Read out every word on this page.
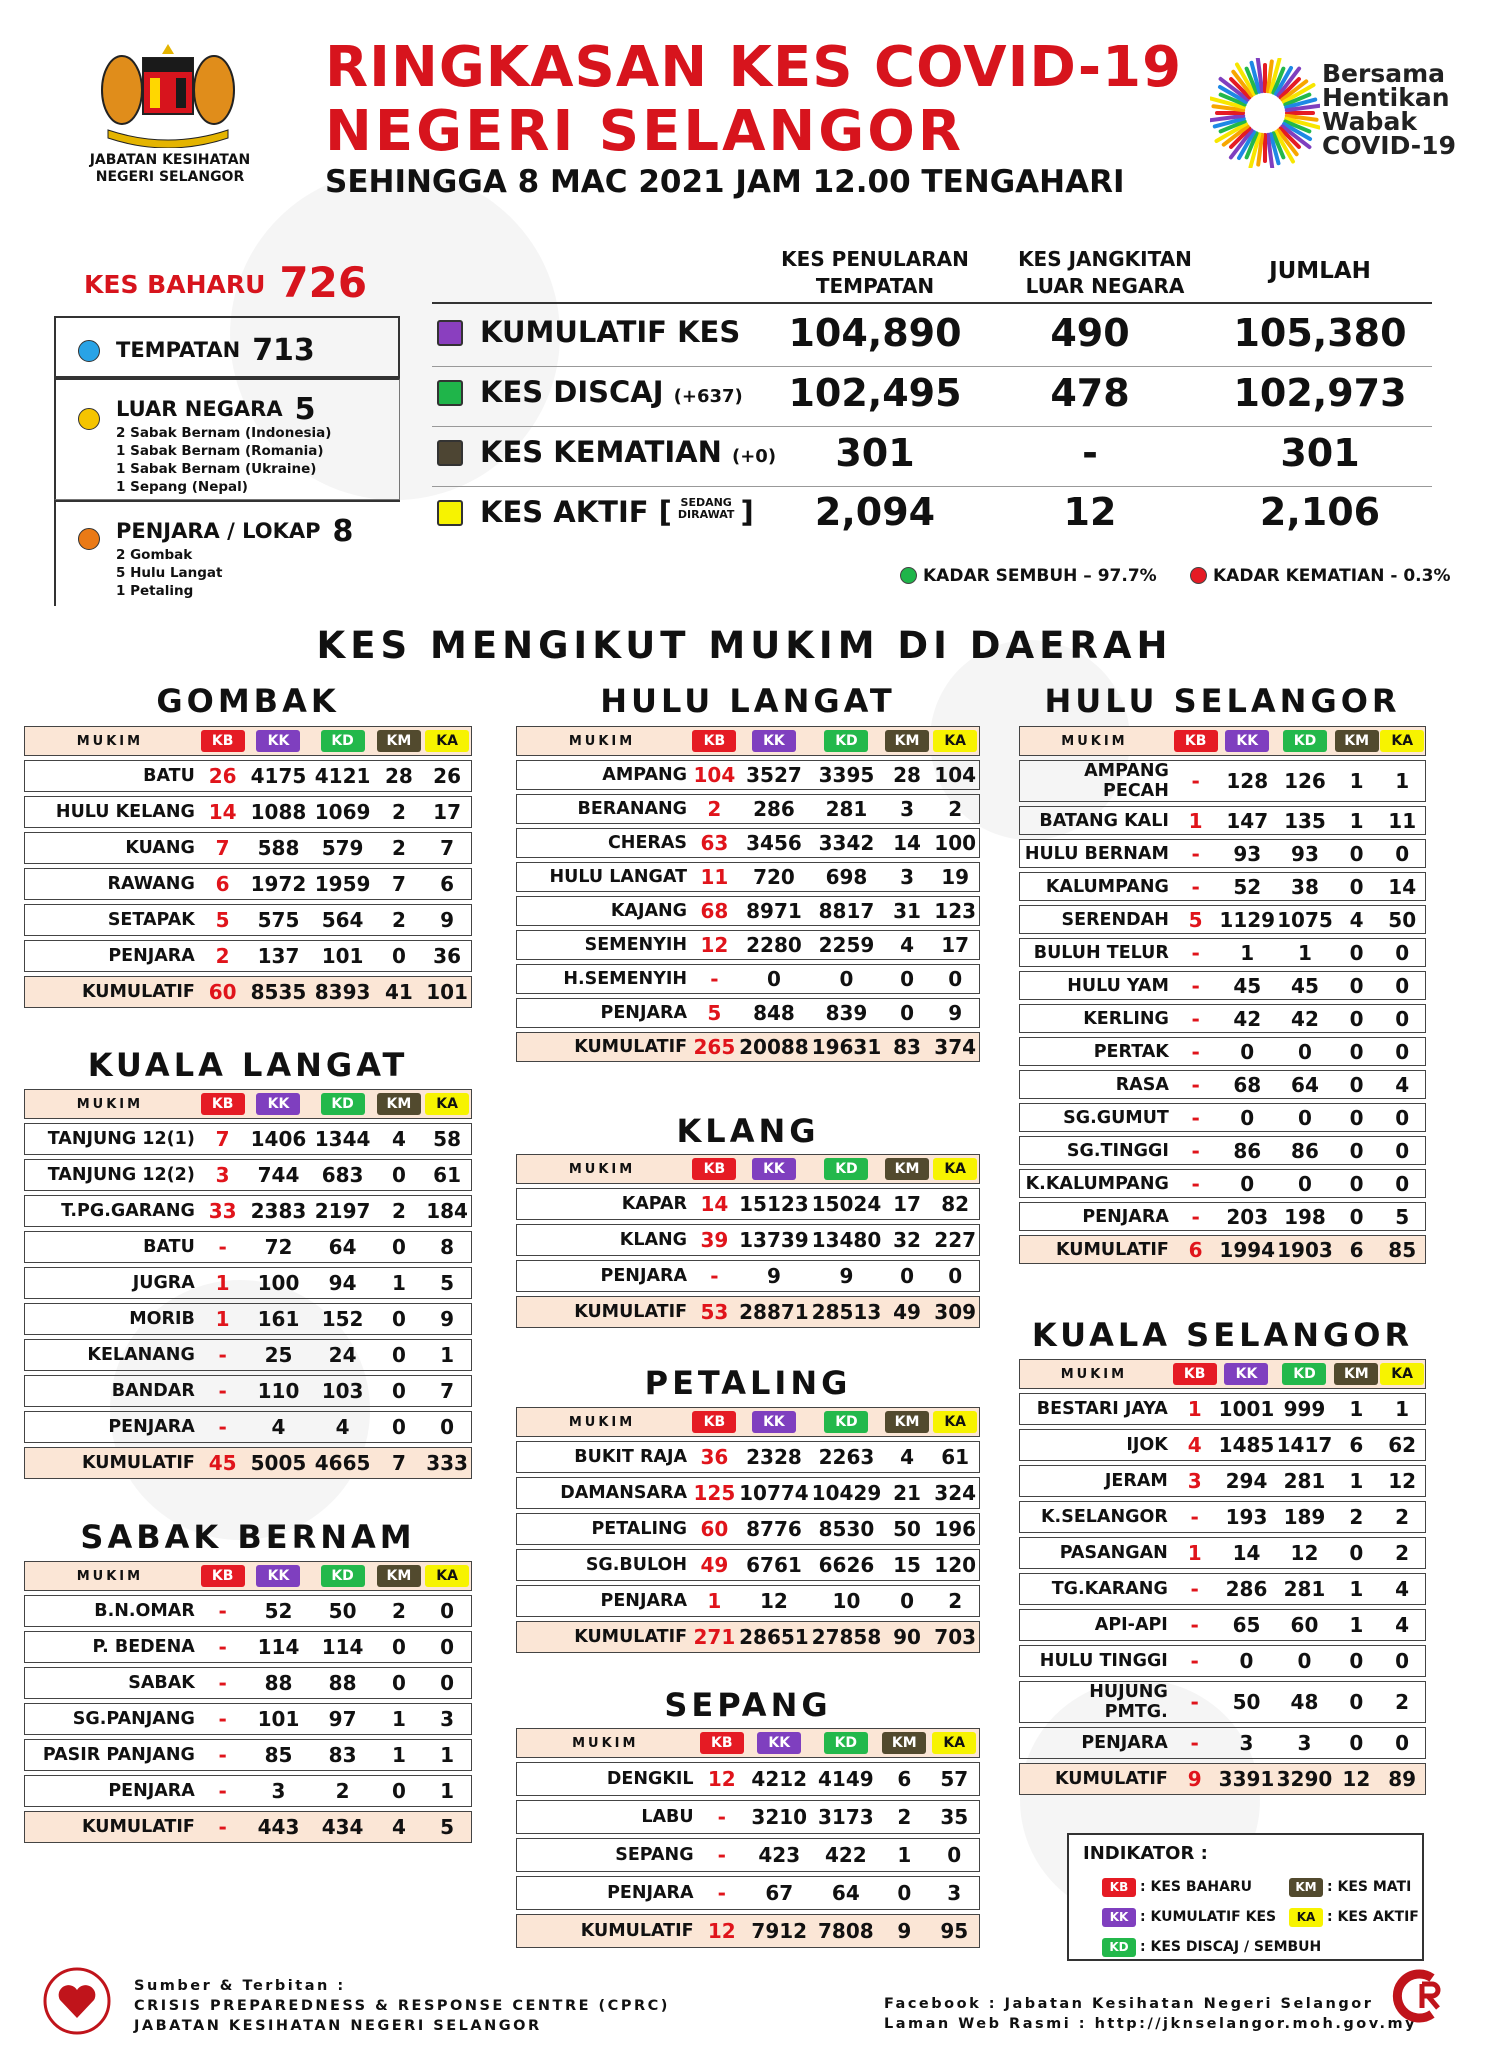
JABATAN KESIHATAN
NEGERI SELANGOR
RINGKASAN KES COVID-19
NEGERI SELANGOR
SEHINGGA 8 MAC 2021 JAM 12.00 TENGAHARI
Bersama
Hentikan
Wabak
COVID-19
KES BAHARU 726
TEMPATAN 713
LUAR NEGARA 5
2 Sabak Bernam (Indonesia)
1 Sabak Bernam (Romania)
1 Sabak Bernam (Ukraine)
1 Sepang (Nepal)
PENJARA / LOKAP 8
2 Gombak
5 Hulu Langat
1 Petaling
KES PENULARAN
TEMPATAN
KES JANGKITAN
LUAR NEGARA
JUMLAH
KUMULATIF KES	104,890	490	105,380
KES DISCAJ (+637)	102,495	478	102,973
KES KEMATIAN (+0)	301	-	301
KES AKTIF [ SEDANG
DIRAWAT ]	2,094	12	2,106
KADAR SEMBUH – 97.7%	KADAR KEMATIAN - 0.3%
KES MENGIKUT MUKIM DI DAERAH
GOMBAK
MUKIM	KB	KK	KD	KM	KA
BATU	26	4175	4121	28	26
HULU KELANG	14	1088	1069	2	17
KUANG	7	588	579	2	7
RAWANG	6	1972	1959	7	6
SETAPAK	5	575	564	2	9
PENJARA	2	137	101	0	36
KUMULATIF	60	8535	8393	41	101
KUALA LANGAT
MUKIM	KB	KK	KD	KM	KA
TANJUNG 12(1)	7	1406	1344	4	58
TANJUNG 12(2)	3	744	683	0	61
T.PG.GARANG	33	2383	2197	2	184
BATU	-	72	64	0	8
JUGRA	1	100	94	1	5
MORIB	1	161	152	0	9
KELANANG	-	25	24	0	1
BANDAR	-	110	103	0	7
PENJARA	-	4	4	0	0
KUMULATIF	45	5005	4665	7	333
SABAK BERNAM
MUKIM	KB	KK	KD	KM	KA
B.N.OMAR	-	52	50	2	0
P. BEDENA	-	114	114	0	0
SABAK	-	88	88	0	0
SG.PANJANG	-	101	97	1	3
PASIR PANJANG	-	85	83	1	1
PENJARA	-	3	2	0	1
KUMULATIF	-	443	434	4	5
HULU LANGAT
MUKIM	KB	KK	KD	KM	KA
AMPANG	104	3527	3395	28	104
BERANANG	2	286	281	3	2
CHERAS	63	3456	3342	14	100
HULU LANGAT	11	720	698	3	19
KAJANG	68	8971	8817	31	123
SEMENYIH	12	2280	2259	4	17
H.SEMENYIH	-	0	0	0	0
PENJARA	5	848	839	0	9
KUMULATIF	265	20088	19631	83	374
KLANG
MUKIM	KB	KK	KD	KM	KA
KAPAR	14	15123	15024	17	82
KLANG	39	13739	13480	32	227
PENJARA	-	9	9	0	0
KUMULATIF	53	28871	28513	49	309
PETALING
MUKIM	KB	KK	KD	KM	KA
BUKIT RAJA	36	2328	2263	4	61
DAMANSARA	125	10774	10429	21	324
PETALING	60	8776	8530	50	196
SG.BULOH	49	6761	6626	15	120
PENJARA	1	12	10	0	2
KUMULATIF	271	28651	27858	90	703
SEPANG
MUKIM	KB	KK	KD	KM	KA
DENGKIL	12	4212	4149	6	57
LABU	-	3210	3173	2	35
SEPANG	-	423	422	1	0
PENJARA	-	67	64	0	3
KUMULATIF	12	7912	7808	9	95
HULU SELANGOR
MUKIM	KB	KK	KD	KM	KA
AMPANG PECAH	-	128	126	1	1
BATANG KALI	1	147	135	1	11
HULU BERNAM	-	93	93	0	0
KALUMPANG	-	52	38	0	14
SERENDAH	5	1129	1075	4	50
BULUH TELUR	-	1	1	0	0
HULU YAM	-	45	45	0	0
KERLING	-	42	42	0	0
PERTAK	-	0	0	0	0
RASA	-	68	64	0	4
SG.GUMUT	-	0	0	0	0
SG.TINGGI	-	86	86	0	0
K.KALUMPANG	-	0	0	0	0
PENJARA	-	203	198	0	5
KUMULATIF	6	1994	1903	6	85
KUALA SELANGOR
MUKIM	KB	KK	KD	KM	KA
BESTARI JAYA	1	1001	999	1	1
IJOK	4	1485	1417	6	62
JERAM	3	294	281	1	12
K.SELANGOR	-	193	189	2	2
PASANGAN	1	14	12	0	2
TG.KARANG	-	286	281	1	4
API-API	-	65	60	1	4
HULU TINGGI	-	0	0	0	0
HUJUNG PMTG.	-	50	48	0	2
PENJARA	-	3	3	0	0
KUMULATIF	9	3391	3290	12	89
INDIKATOR :
KB : KES BAHARU
KK : KUMULATIF KES
KD : KES DISCAJ / SEMBUH
KM : KES MATI
KA : KES AKTIF
Sumber & Terbitan :
CRISIS PREPAREDNESS & RESPONSE CENTRE (CPRC)
JABATAN KESIHATAN NEGERI SELANGOR
Facebook : Jabatan Kesihatan Negeri Selangor
Laman Web Rasmi : http://jknselangor.moh.gov.my
